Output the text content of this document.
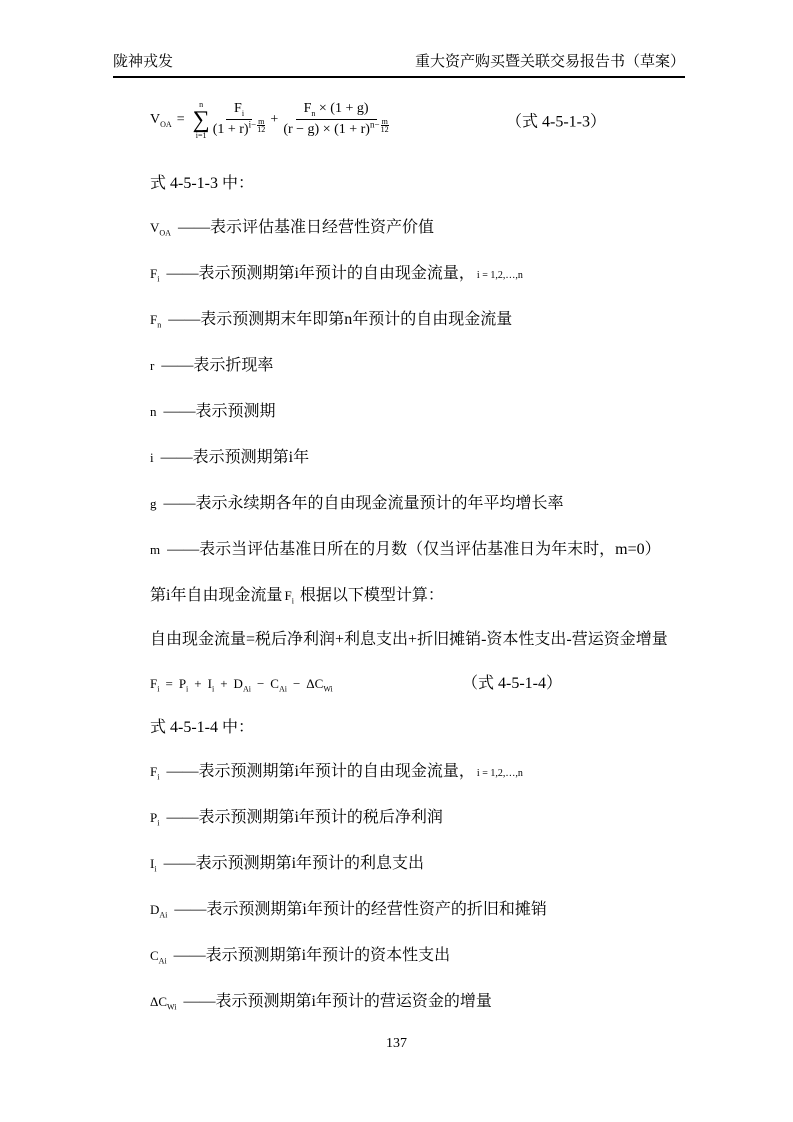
陇神戎发	重大资产购买暨关联交易报告书（草案）
$V_{OA}$ =
n
∑
$i=1 \frac{F_i}{(1 + r)i- \frac{m}{12}} + \frac{F_n \times (1 + g)}{(r - g) \times (1 + r)n- \frac{m}{12}}$	（式 4-5-1-3）

式 4-5-1-3 中：

$V_{OA}$ ——表示评估基准日经营性资产价值

$F_i$ ——表示预测期第i年预计的自由现金流量， i = 1,2,…,n

$F_n$ ——表示预测期末年即第n年预计的自由现金流量

r ——表示折现率

n ——表示预测期

i ——表示预测期第i年

g ——表示永续期各年的自由现金流量预计的年平均增长率

m ——表示当评估基准日所在的月数（仅当评估基准日为年末时，m=0）

第i年自由现金流量 $F_i$ 根据以下模型计算：

自由现金流量=税后净利润+利息支出+折旧摊销-资本性支出-营运资金增量

$F_i = P_i + I_i + D_{Ai} - C_{Ai} - \Delta C_{Wi}$	（式 4-5-1-4）

式 4-5-1-4 中：

$F_i$ ——表示预测期第i年预计的自由现金流量， i = 1,2,…,n

$P_i$ ——表示预测期第i年预计的税后净利润

$I_i$ ——表示预测期第i年预计的利息支出

$D_{Ai}$ ——表示预测期第i年预计的经营性资产的折旧和摊销

$C_{Ai}$ ——表示预测期第i年预计的资本性支出

$\Delta C_{Wi}$ ——表示预测期第i年预计的营运资金的增量

137
